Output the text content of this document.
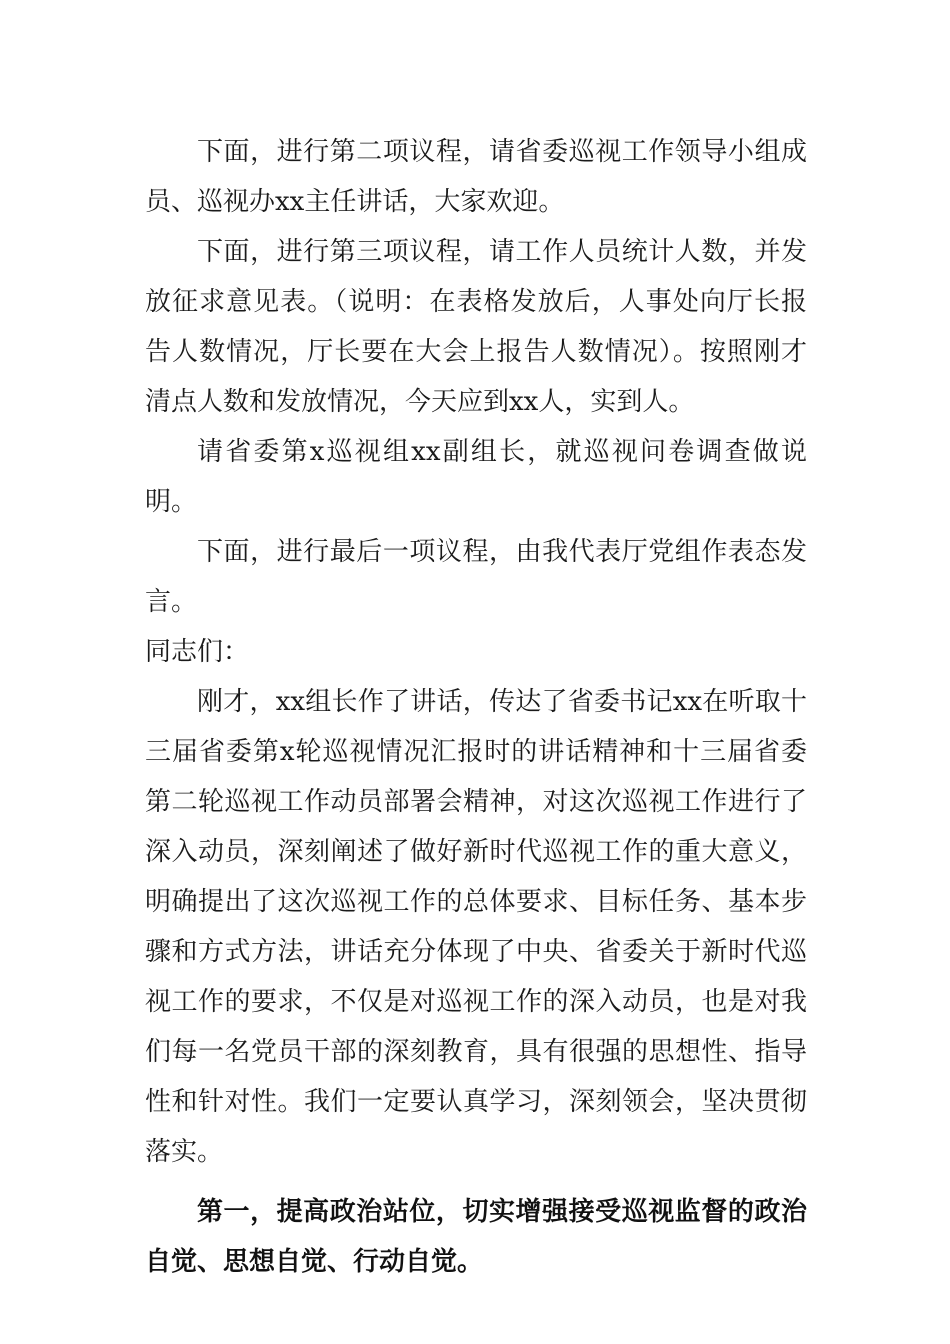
下面，进行第二项议程，请省委巡视工作领导小组成员、巡视办xx主任讲话，大家欢迎。

下面，进行第三项议程，请工作人员统计人数，并发放征求意见表。（说明：在表格发放后，人事处向厅长报告人数情况，厅长要在大会上报告人数情况）。按照刚才清点人数和发放情况，今天应到xx人，实到人。

请省委第x巡视组xx副组长，就巡视问卷调查做说明。

下面，进行最后一项议程，由我代表厅党组作表态发言。

同志们：

刚才，xx组长作了讲话，传达了省委书记xx在听取十三届省委第x轮巡视情况汇报时的讲话精神和十三届省委第二轮巡视工作动员部署会精神，对这次巡视工作进行了深入动员，深刻阐述了做好新时代巡视工作的重大意义，明确提出了这次巡视工作的总体要求、目标任务、基本步骤和方式方法，讲话充分体现了中央、省委关于新时代巡视工作的要求，不仅是对巡视工作的深入动员，也是对我们每一名党员干部的深刻教育，具有很强的思想性、指导性和针对性。我们一定要认真学习，深刻领会，坚决贯彻落实。

第一，提高政治站位，切实增强接受巡视监督的政治自觉、思想自觉、行动自觉。
